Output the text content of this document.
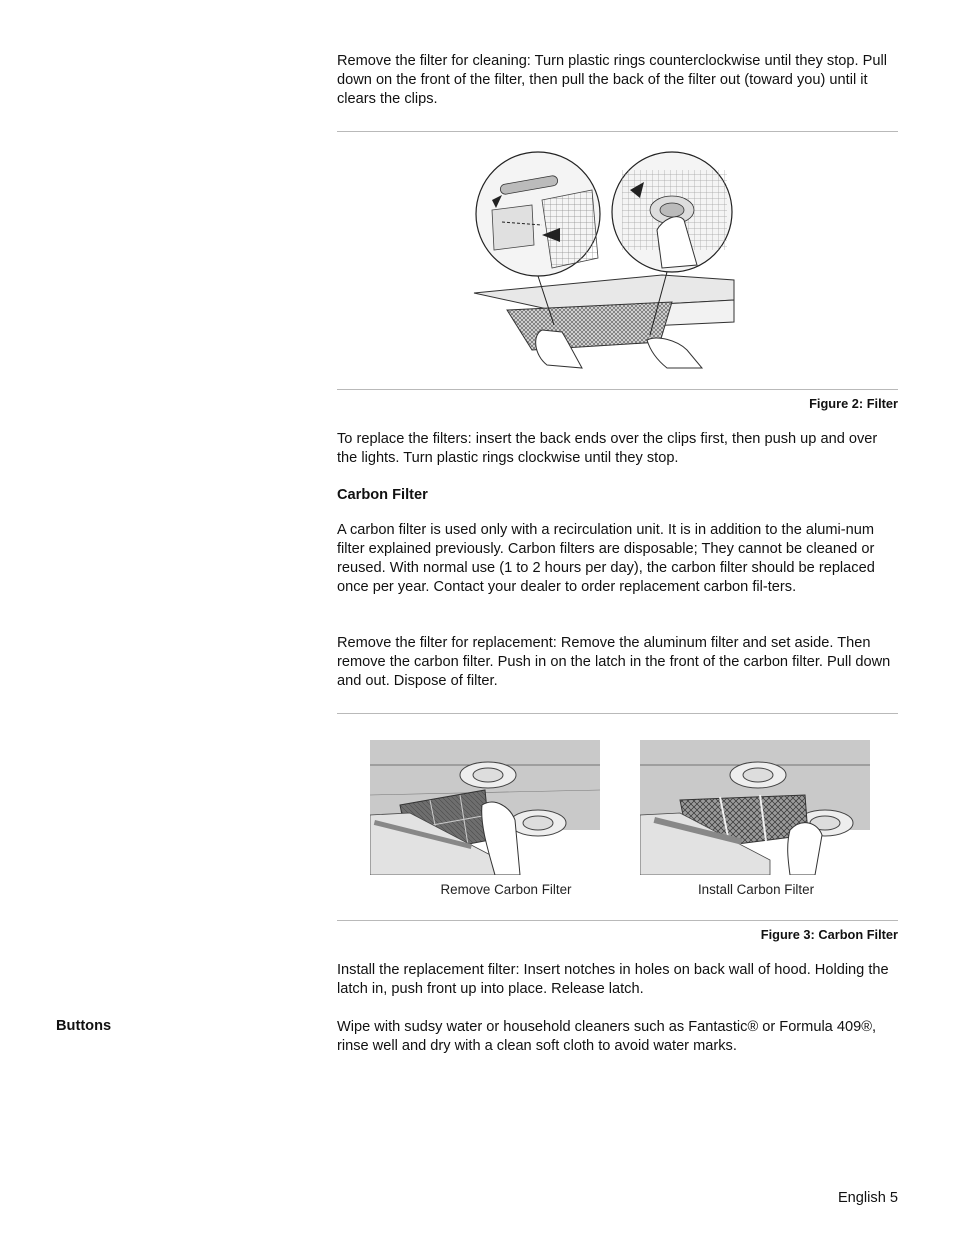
Remove the filter for cleaning: Turn plastic rings counterclockwise until they stop. Pull down on the front of the filter, then pull the back of the filter out (toward you) until it clears the clips.

Figure 2: Filter

To replace the filters: insert the back ends over the clips first, then push up and over the lights. Turn plastic rings clockwise until they stop.

Carbon Filter

A carbon filter is used only with a recirculation unit. It is in addition to the alumi-num filter explained previously. Carbon filters are disposable; They cannot be cleaned or reused. With normal use (1 to 2 hours per day), the carbon filter should be replaced once per year. Contact your dealer to order replacement carbon fil-ters.

Remove the filter for replacement: Remove the aluminum filter and set aside. Then remove the carbon filter. Push in on the latch in the front of the carbon filter. Pull down and out. Dispose of filter.

Remove Carbon Filter	Install Carbon Filter

Figure 3: Carbon Filter

Install the replacement filter: Insert notches in holes on back wall of hood. Holding the latch in, push front up into place. Release latch.

Buttons	Wipe with sudsy water or household cleaners such as Fantastic® or Formula 409®, rinse well and dry with a clean soft cloth to avoid water marks.

English 5
